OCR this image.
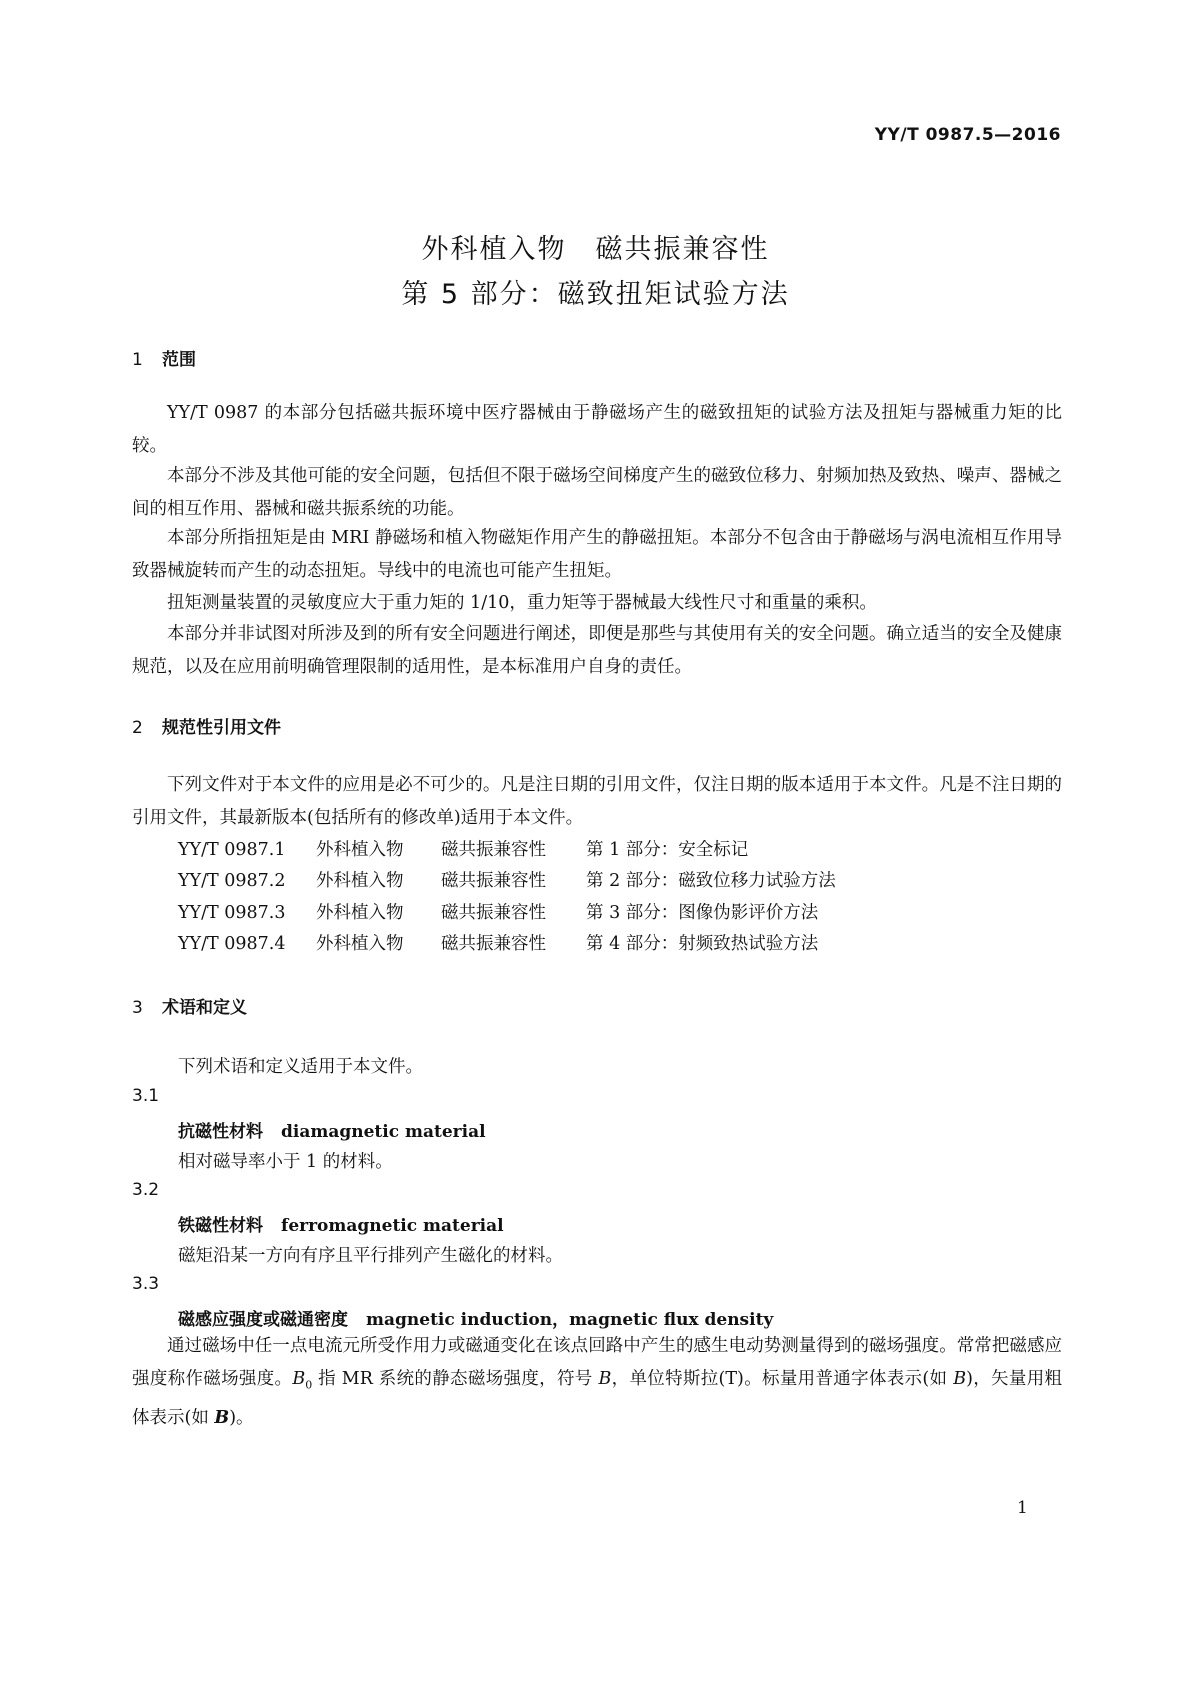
YY/T 0987.5—2016
外科植入物　磁共振兼容性
第 5 部分：磁致扭矩试验方法
1 范围

YY/T 0987 的本部分包括磁共振环境中医疗器械由于静磁场产生的磁致扭矩的试验方法及扭矩与器械重力矩的比较。

本部分不涉及其他可能的安全问题，包括但不限于磁场空间梯度产生的磁致位移力、射频加热及致热、噪声、器械之间的相互作用、器械和磁共振系统的功能。

本部分所指扭矩是由 MRI 静磁场和植入物磁矩作用产生的静磁扭矩。本部分不包含由于静磁场与涡电流相互作用导致器械旋转而产生的动态扭矩。导线中的电流也可能产生扭矩。

扭矩测量装置的灵敏度应大于重力矩的 1/10，重力矩等于器械最大线性尺寸和重量的乘积。

本部分并非试图对所涉及到的所有安全问题进行阐述，即便是那些与其使用有关的安全问题。确立适当的安全及健康规范，以及在应用前明确管理限制的适用性，是本标准用户自身的责任。

2 规范性引用文件

下列文件对于本文件的应用是必不可少的。凡是注日期的引用文件，仅注日期的版本适用于本文件。凡是不注日期的引用文件，其最新版本(包括所有的修改单)适用于本文件。

YY/T 0987.1 外科植入物 磁共振兼容性 第 1 部分：安全标记
YY/T 0987.2 外科植入物 磁共振兼容性 第 2 部分：磁致位移力试验方法
YY/T 0987.3 外科植入物 磁共振兼容性 第 3 部分：图像伪影评价方法
YY/T 0987.4 外科植入物 磁共振兼容性 第 4 部分：射频致热试验方法
3 术语和定义
下列术语和定义适用于本文件。
3.1
抗磁性材料 diamagnetic material
相对磁导率小于 1 的材料。
3.2
铁磁性材料 ferromagnetic material
磁矩沿某一方向有序且平行排列产生磁化的材料。
3.3
磁感应强度或磁通密度 magnetic induction，magnetic flux density

通过磁场中任一点电流元所受作用力或磁通变化在该点回路中产生的感生电动势测量得到的磁场强度。常常把磁感应强度称作磁场强度。$B_0$ 指 MR 系统的静态磁场强度，符号 B，单位特斯拉(T)。标量用普通字体表示(如 B)，矢量用粗体表示(如 B)。

1
